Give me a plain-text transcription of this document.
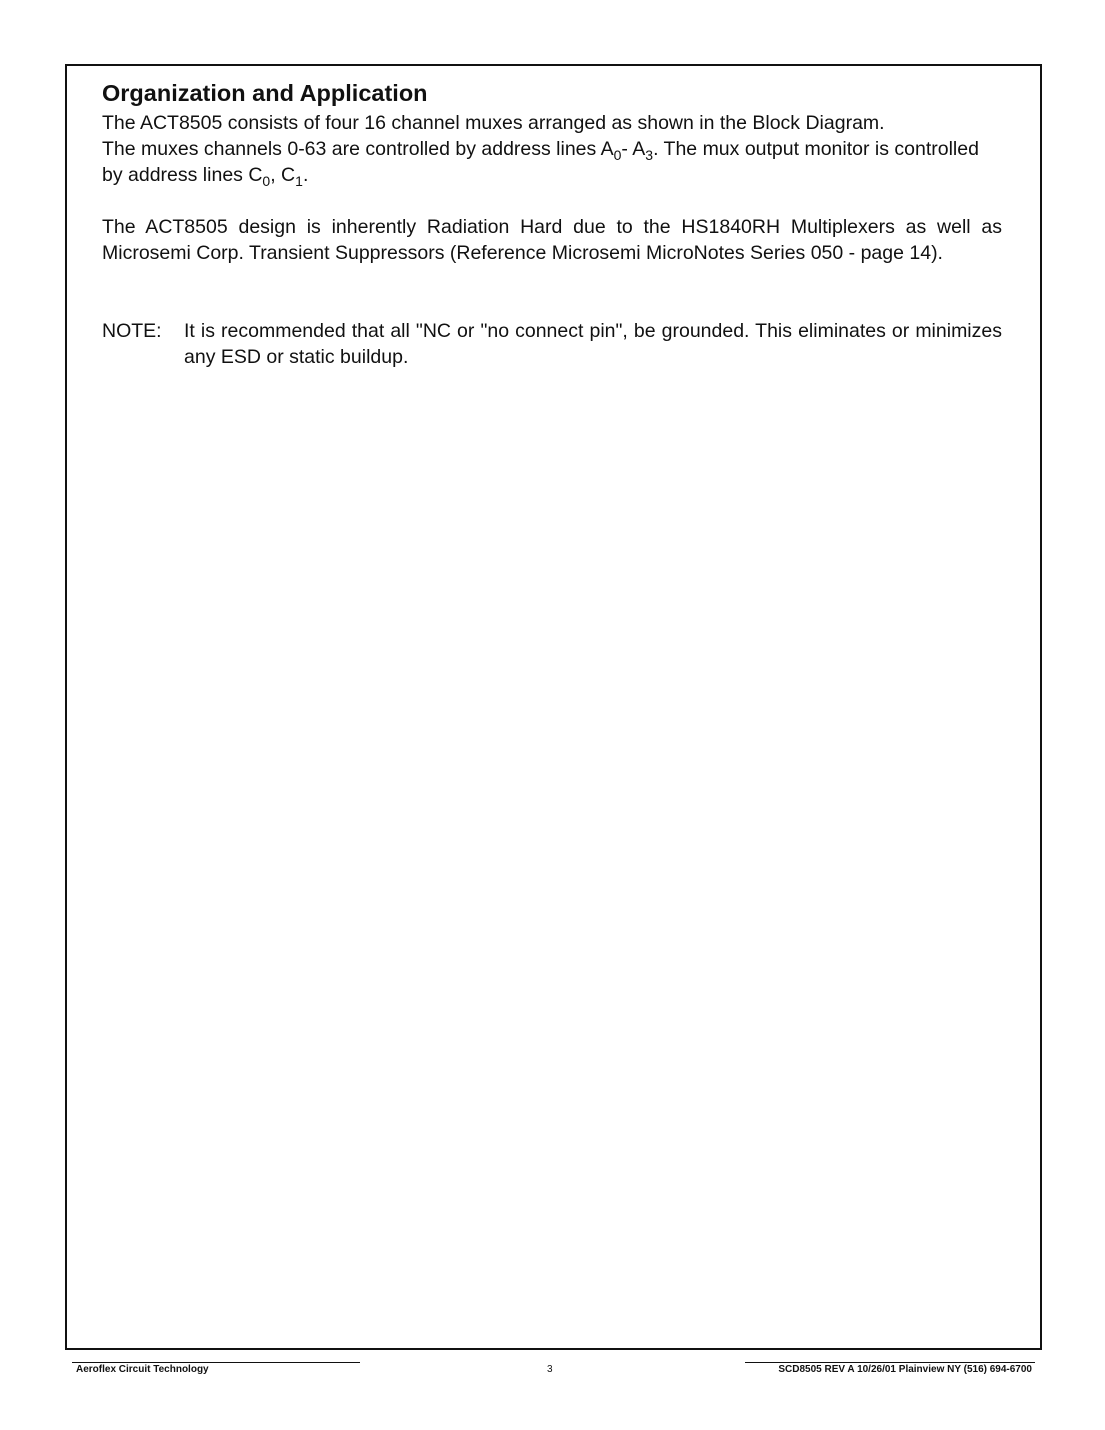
Organization and Application

The ACT8505 consists of four 16 channel muxes arranged as shown in the Block Diagram.
The muxes channels 0-63 are controlled by address lines $A_0-$ $A_3$. The mux output monitor is controlled by address lines $C_0$, $C_1$.

The ACT8505 design is inherently Radiation Hard due to the HS1840RH Multiplexers as well as Microsemi Corp. Transient Suppressors (Reference Microsemi MicroNotes Series 050 - page 14).

NOTE:	It is recommended that all "NC or "no connect pin", be grounded. This eliminates or minimizes any ESD or static buildup.
Aeroflex Circuit Technology	3	SCD8505 REV A 10/26/01 Plainview NY (516) 694-6700
